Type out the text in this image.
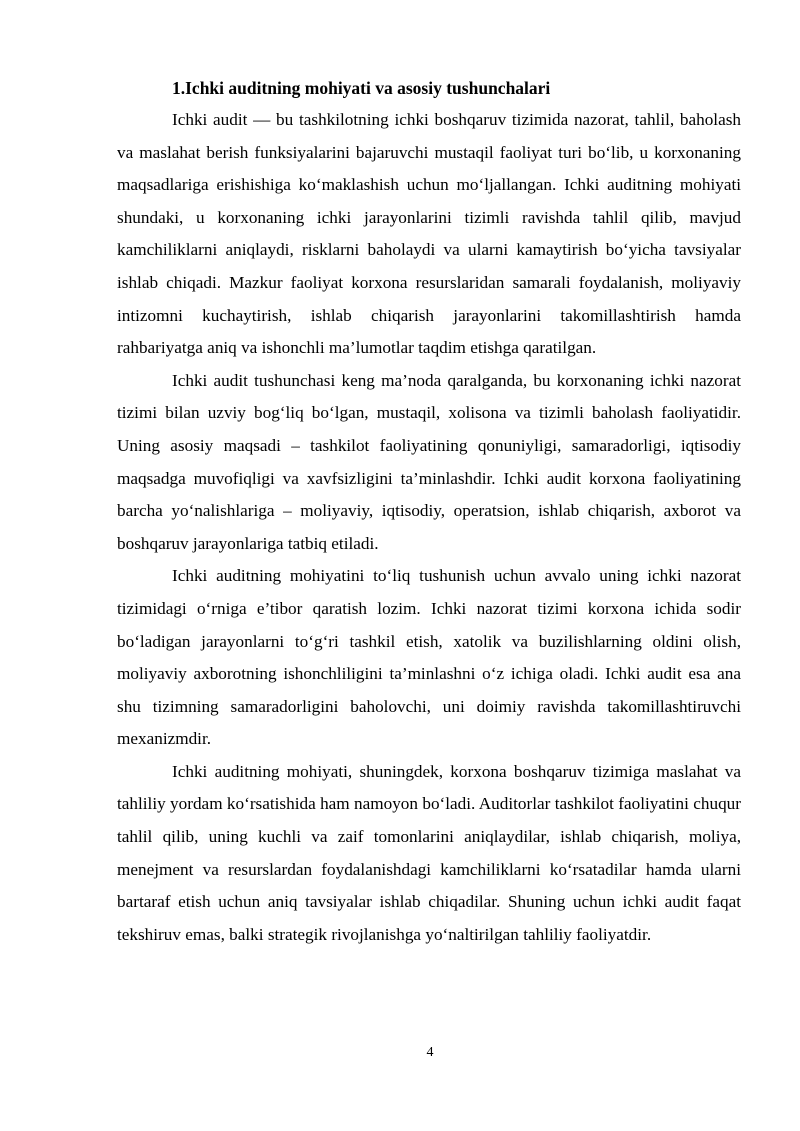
1.Ichki auditning mohiyati va asosiy tushunchalari

Ichki audit — bu tashkilotning ichki boshqaruv tizimida nazorat, tahlil, baholash va maslahat berish funksiyalarini bajaruvchi mustaqil faoliyat turi bo‘lib, u korxonaning maqsadlariga erishishiga ko‘maklashish uchun mo‘ljallangan. Ichki auditning mohiyati shundaki, u korxonaning ichki jarayonlarini tizimli ravishda tahlil qilib, mavjud kamchiliklarni aniqlaydi, risklarni baholaydi va ularni kamaytirish bo‘yicha tavsiyalar ishlab chiqadi. Mazkur faoliyat korxona resurslaridan samarali foydalanish, moliyaviy intizomni kuchaytirish, ishlab chiqarish jarayonlarini takomillashtirish hamda rahbariyatga aniq va ishonchli ma’lumotlar taqdim etishga qaratilgan.

Ichki audit tushunchasi keng ma’noda qaralganda, bu korxonaning ichki nazorat tizimi bilan uzviy bog‘liq bo‘lgan, mustaqil, xolisona va tizimli baholash faoliyatidir. Uning asosiy maqsadi – tashkilot faoliyatining qonuniyligi, samaradorligi, iqtisodiy maqsadga muvofiqligi va xavfsizligini ta’minlashdir. Ichki audit korxona faoliyatining barcha yo‘nalishlariga – moliyaviy, iqtisodiy, operatsion, ishlab chiqarish, axborot va boshqaruv jarayonlariga tatbiq etiladi.

Ichki auditning mohiyatini to‘liq tushunish uchun avvalo uning ichki nazorat tizimidagi o‘rniga e’tibor qaratish lozim. Ichki nazorat tizimi korxona ichida sodir bo‘ladigan jarayonlarni to‘g‘ri tashkil etish, xatolik va buzilishlarning oldini olish, moliyaviy axborotning ishonchliligini ta’minlashni o‘z ichiga oladi. Ichki audit esa ana shu tizimning samaradorligini baholovchi, uni doimiy ravishda takomillashtiruvchi mexanizmdir.

Ichki auditning mohiyati, shuningdek, korxona boshqaruv tizimiga maslahat va tahliliy yordam ko‘rsatishida ham namoyon bo‘ladi. Auditorlar tashkilot faoliyatini chuqur tahlil qilib, uning kuchli va zaif tomonlarini aniqlaydilar, ishlab chiqarish, moliya, menejment va resurslardan foydalanishdagi kamchiliklarni ko‘rsatadilar hamda ularni bartaraf etish uchun aniq tavsiyalar ishlab chiqadilar. Shuning uchun ichki audit faqat tekshiruv emas, balki strategik rivojlanishga yo‘naltirilgan tahliliy faoliyatdir.

4
